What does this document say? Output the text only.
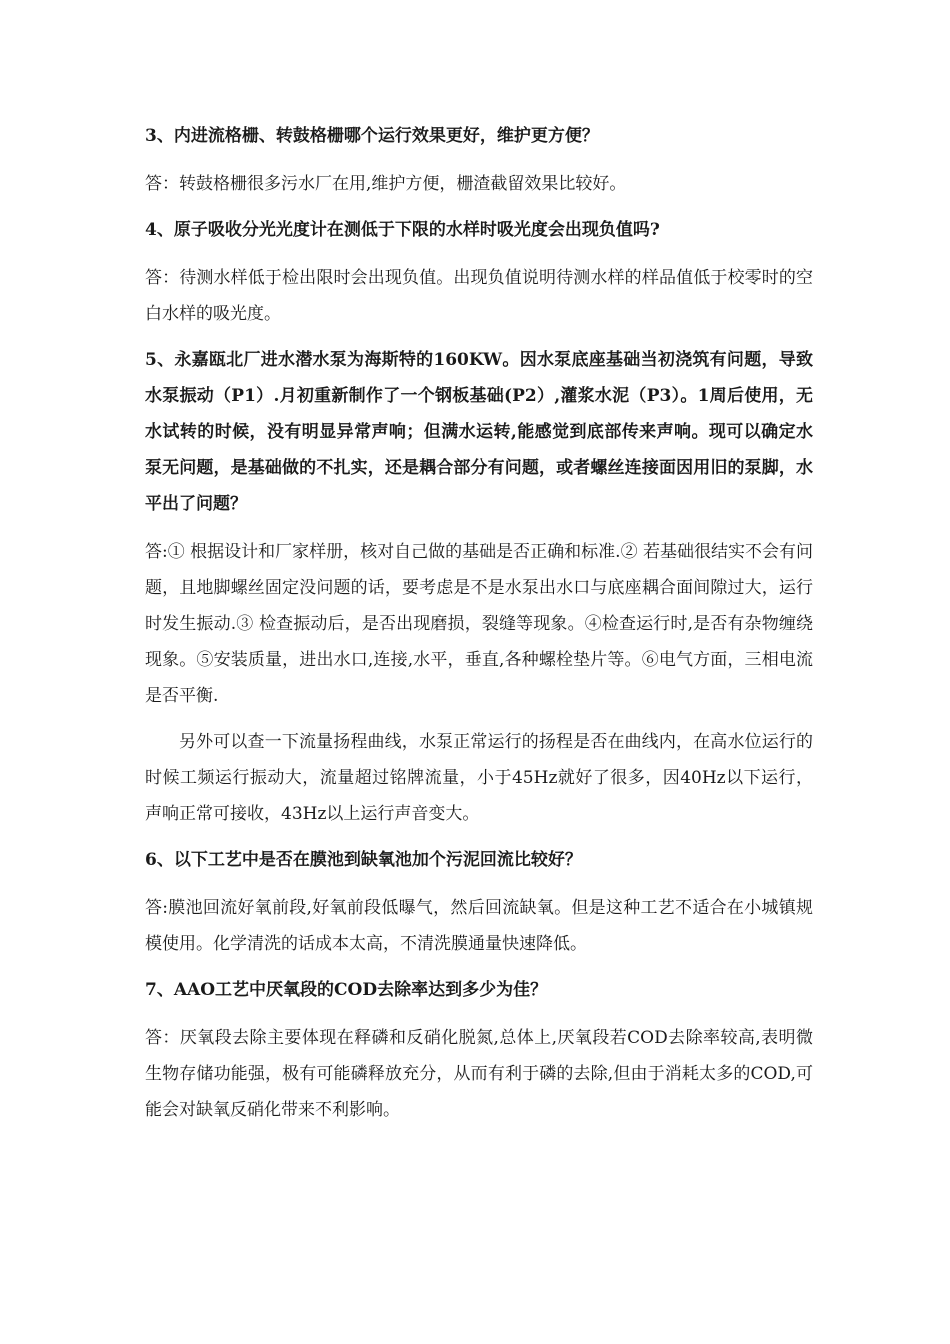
3、内进流格栅、转鼓格栅哪个运行效果更好，维护更方便？

答：转鼓格栅很多污水厂在用,维护方便，栅渣截留效果比较好。

4、原子吸收分光光度计在测低于下限的水样时吸光度会出现负值吗?

答：待测水样低于检出限时会出现负值。出现负值说明待测水样的样品值低于校零时的空白水样的吸光度。

5、永嘉瓯北厂进水潜水泵为海斯特的160KW。因水泵底座基础当初浇筑有问题，导致水泵振动（P1）.月初重新制作了一个钢板基础(P2）,灌浆水泥（P3）。1周后使用，无水试转的时候，没有明显异常声响；但满水运转,能感觉到底部传来声响。现可以确定水泵无问题，是基础做的不扎实，还是耦合部分有问题，或者螺丝连接面因用旧的泵脚，水平出了问题？

答:① 根据设计和厂家样册，核对自己做的基础是否正确和标准.② 若基础很结实不会有问题，且地脚螺丝固定没问题的话，要考虑是不是水泵出水口与底座耦合面间隙过大，运行时发生振动.③ 检查振动后，是否出现磨损，裂缝等现象。④检查运行时,是否有杂物缠绕现象。⑤安装质量，进出水口,连接,水平，垂直,各种螺栓垫片等。⑥电气方面，三相电流是否平衡.

另外可以查一下流量扬程曲线，水泵正常运行的扬程是否在曲线内，在高水位运行的时候工频运行振动大，流量超过铭牌流量，小于45Hz就好了很多，因40Hz以下运行，声响正常可接收，43Hz以上运行声音变大。

6、以下工艺中是否在膜池到缺氧池加个污泥回流比较好？

答:膜池回流好氧前段,好氧前段低曝气，然后回流缺氧。但是这种工艺不适合在小城镇规模使用。化学清洗的话成本太高，不清洗膜通量快速降低。

7、AAO工艺中厌氧段的COD去除率达到多少为佳？

答：厌氧段去除主要体现在释磷和反硝化脱氮,总体上,厌氧段若COD去除率较高,表明微生物存储功能强，极有可能磷释放充分，从而有利于磷的去除,但由于消耗太多的COD,可能会对缺氧反硝化带来不利影响。
